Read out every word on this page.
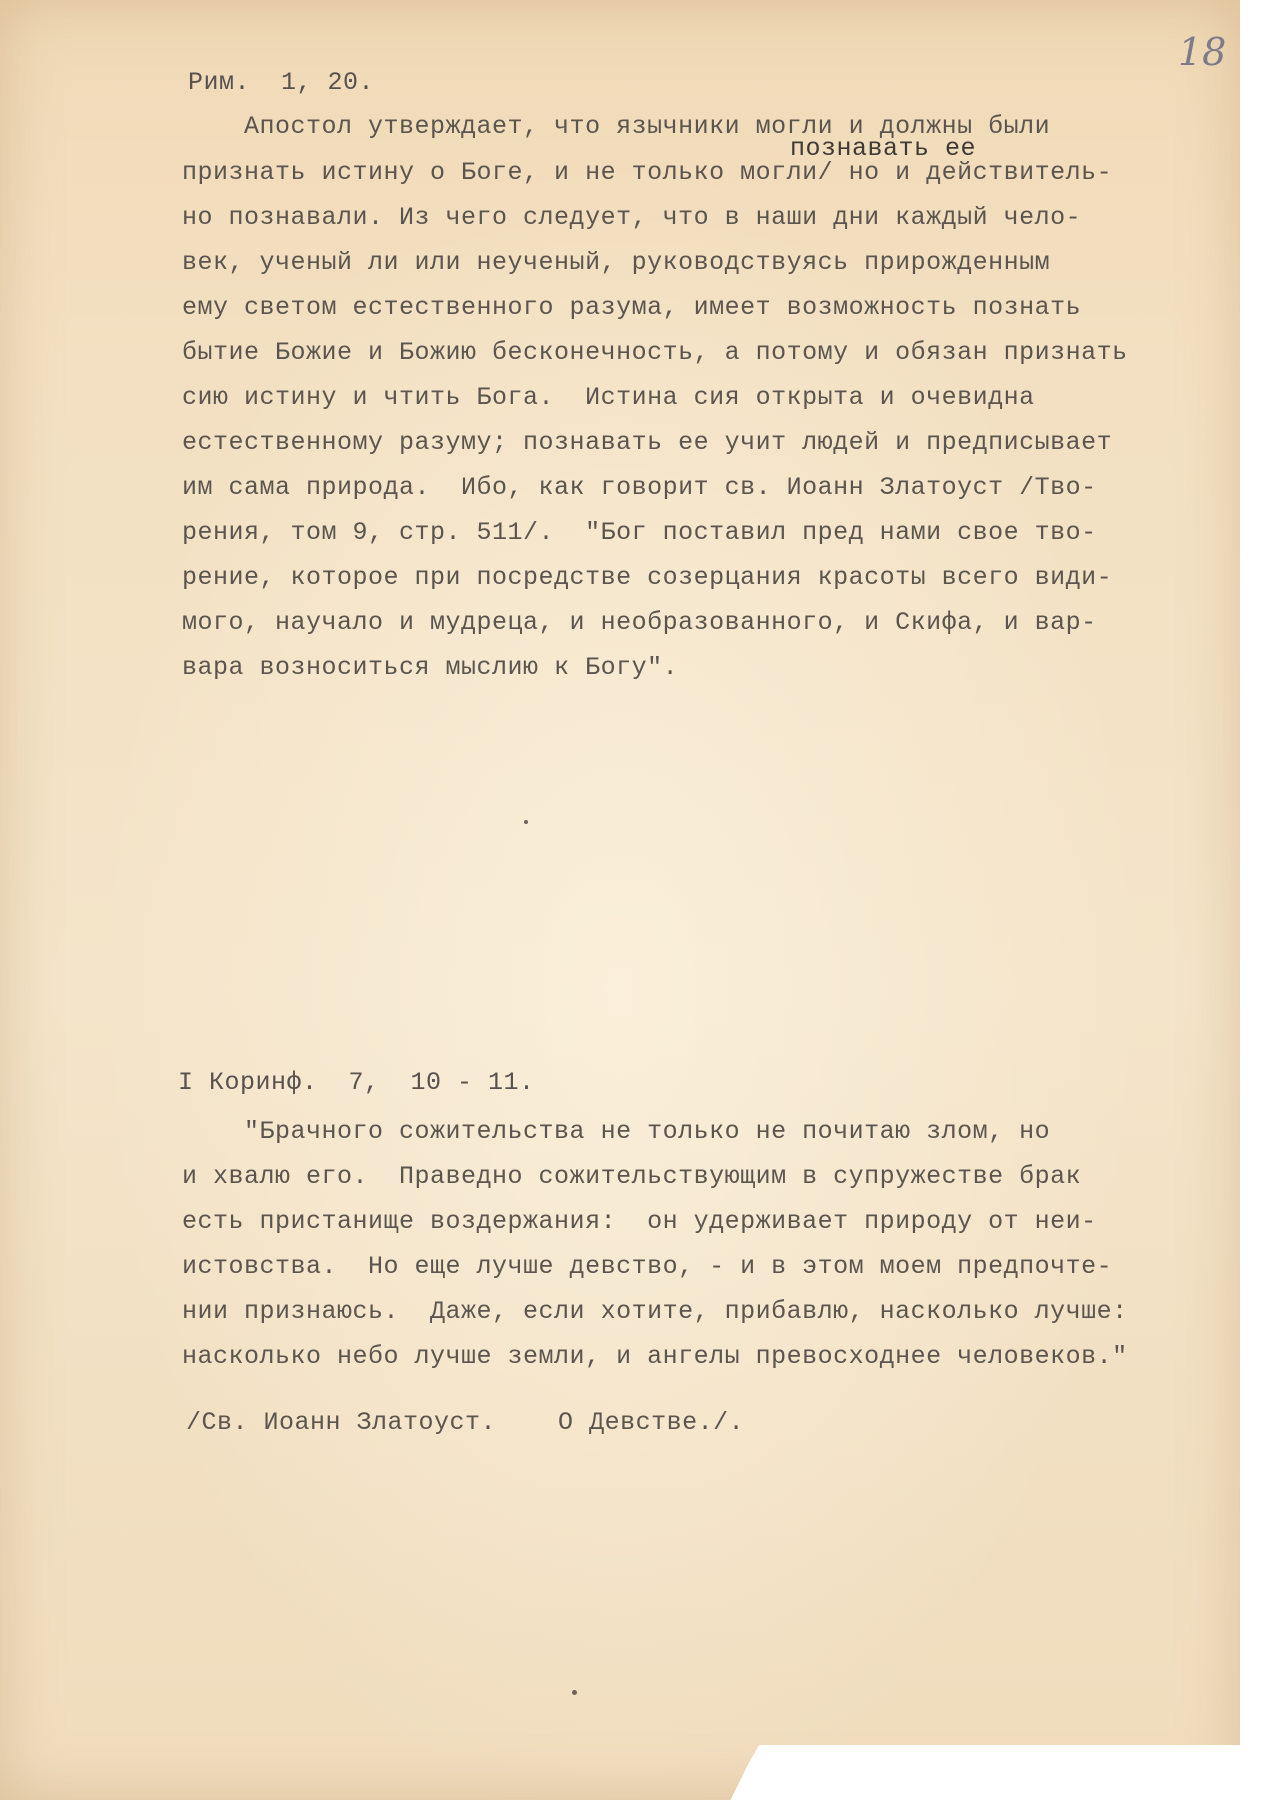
18

Рим.  1, 20.

познавать ее

Апостол утверждает, что язычники могли и должны были

признать истину о Боге, и не только могли/ но и действитель-

но познавали. Из чего следует, что в наши дни каждый чело-

век, ученый ли или неученый, руководствуясь прирожденным

ему светом естественного разума, имеет возможность познать

бытие Божие и Божию бесконечность, а потому и обязан признать

сию истину и чтить Бога.  Истина сия открыта и очевидна

естественному разуму; познавать ее учит людей и предписывает

им сама природа.  Ибо, как говорит св. Иоанн Златоуст /Тво-

рения, том 9, стр. 511/.  "Бог поставил пред нами свое тво-

рение, которое при посредстве созерцания красоты всего види-

мого, научало и мудреца, и необразованного, и Скифа, и вар-

вара возноситься мыслию к Богу".

I Коринф.  7,  10 - 11.

"Брачного сожительства не только не почитаю злом, но

и хвалю его.  Праведно сожительствующим в супружестве брак

есть пристанище воздержания:  он удерживает природу от неи-

истовства.  Но еще лучше девство, - и в этом моем предпочте-

нии признаюсь.  Даже, если хотите, прибавлю, насколько лучше:

насколько небо лучше земли, и ангелы превосходнее человеков."

/Св. Иоанн Златоуст.    О Девстве./.
